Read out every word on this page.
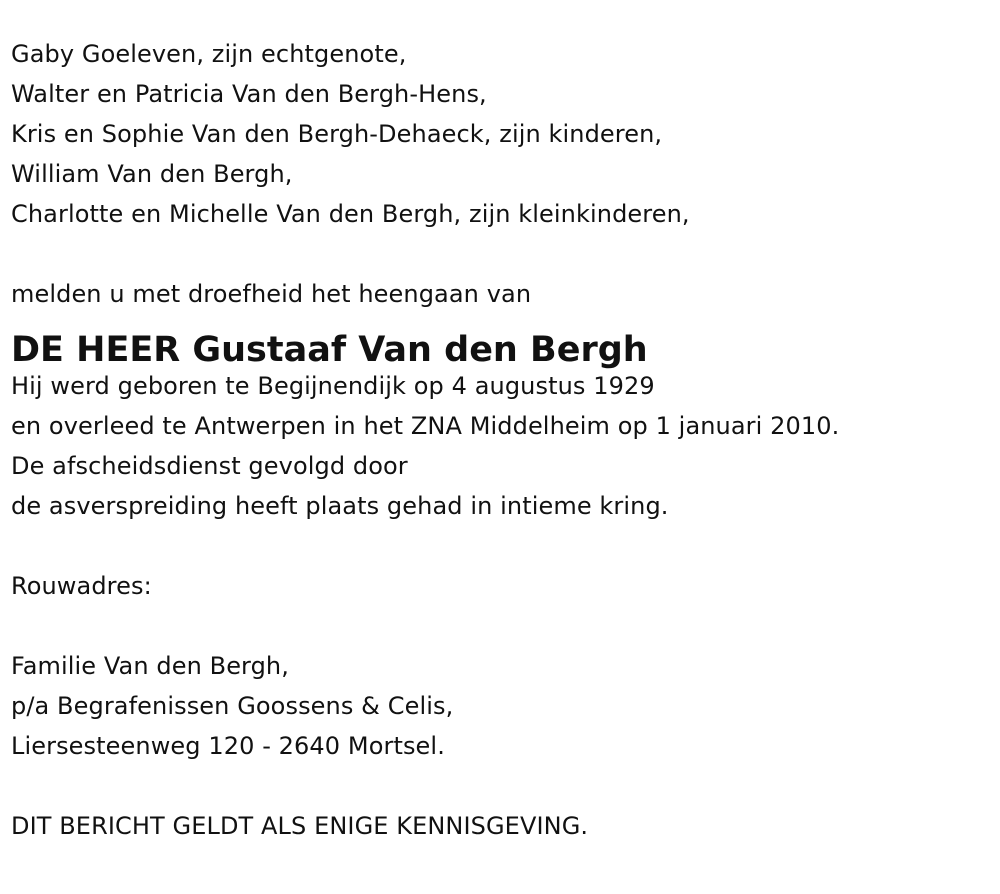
Gaby Goeleven, zijn echtgenote,
Walter en Patricia Van den Bergh-Hens,
Kris en Sophie Van den Bergh-Dehaeck, zijn kinderen,
William Van den Bergh,
Charlotte en Michelle Van den Bergh, zijn kleinkinderen,
melden u met droefheid het heengaan van
DE HEER Gustaaf Van den Bergh
Hij werd geboren te Begijnendijk op 4 augustus 1929
en overleed te Antwerpen in het ZNA Middelheim op 1 januari 2010.
De afscheidsdienst gevolgd door
de asverspreiding heeft plaats gehad in intieme kring.
Rouwadres:
Familie Van den Bergh,
p/a Begrafenissen Goossens & Celis,
Liersesteenweg 120 - 2640 Mortsel.
DIT BERICHT GELDT ALS ENIGE KENNISGEVING.
